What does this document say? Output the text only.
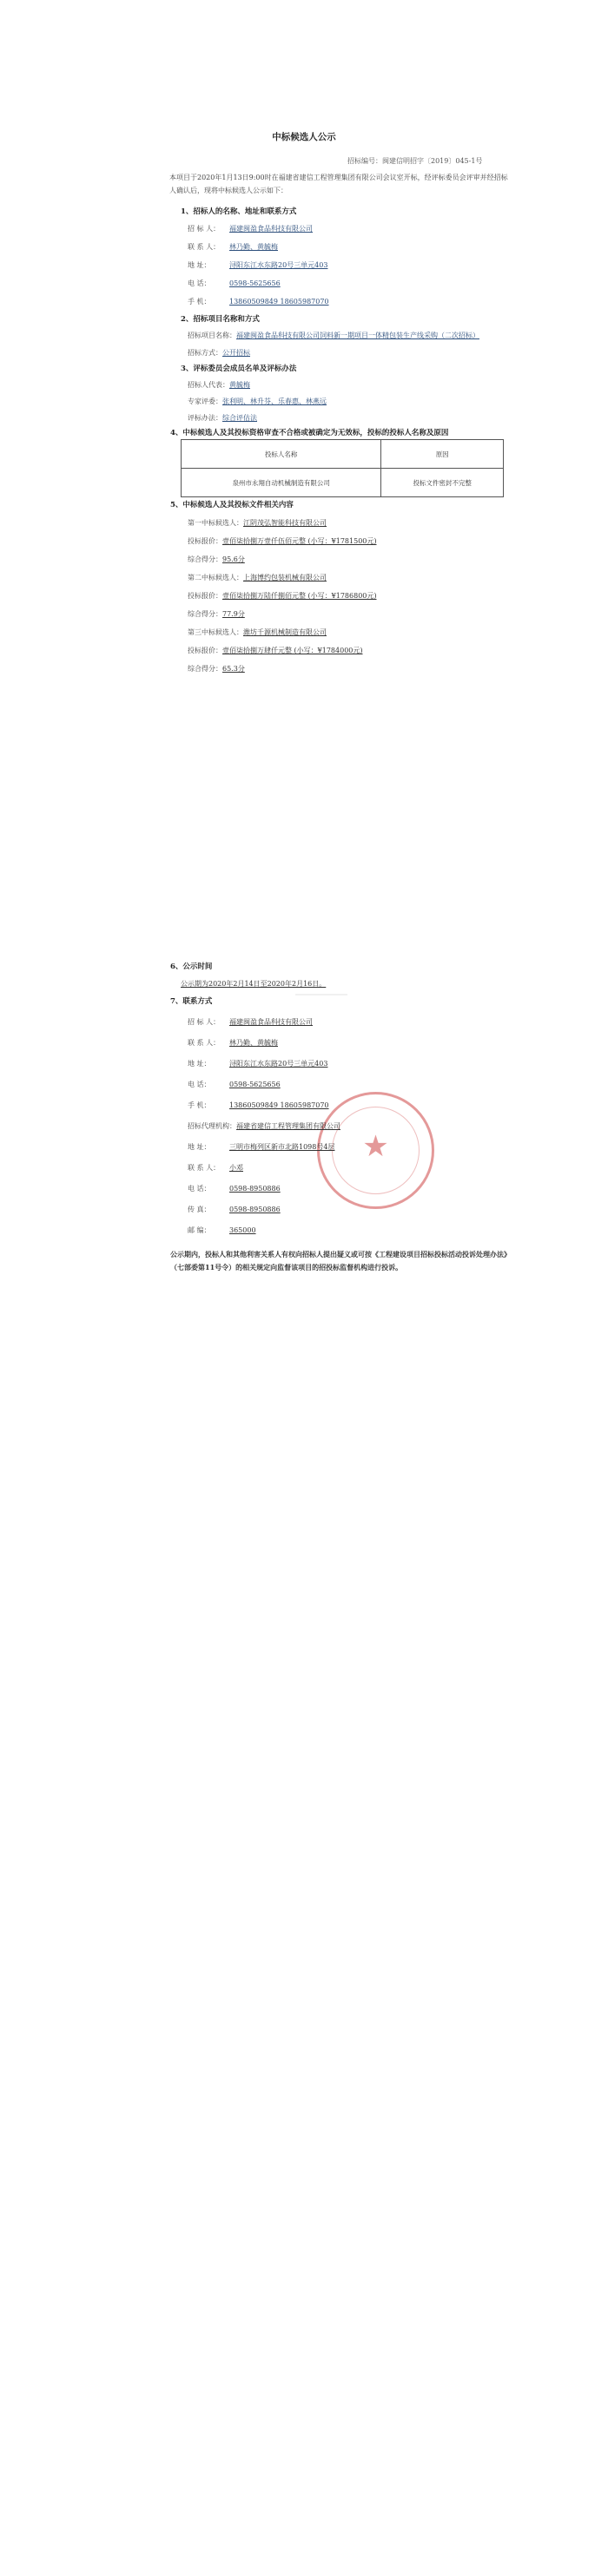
中标候选人公示
招标编号：闽建信明招字〔2019〕045-1号
本项目于2020年1月13日9:00时在福建省建信工程管理集团有限公司会议室开标，经评标委员会评审并经招标人确认后，现将中标候选人公示如下：
1、招标人的名称、地址和联系方式
招 标 人： 福建闽盈食品科技有限公司
联 系 人： 林乃勤、黄毓梅
地 址：	浔阳东江水东路20号三单元403
电 话：	0598-5625656
手 机：	13860509849 18605987070
2、招标项目名称和方式
招标项目名称：福建闽盈食品科技有限公司饲料新一期项目一体精包装生产线采购（二次招标）
招标方式：公开招标
3、评标委员会成员名单及评标办法
招标人代表：黄毓梅
专家评委：张利明、林升芬、乐春惠、林燕远
评标办法：综合评估法
4、中标候选人及其投标资格审查不合格或被确定为无效标，投标的投标人名称及原因
投标人名称	原因
泉州市永翔自动机械制造有限公司	投标文件密封不完整
5、中标候选人及其投标文件相关内容
第一中标候选人：江阴茂弘智能科技有限公司
投标报价：壹佰柒拾捌万壹仟伍佰元整 (小写：¥1781500元)
综合得分：95.6分
第二中标候选人：上海博约包装机械有限公司
投标报价：壹佰柒拾捌万陆仟捌佰元整 (小写：¥1786800元)
综合得分：77.9分
第三中标候选人：潍坊千源机械制造有限公司
投标报价：壹佰柒拾捌万肆仟元整 (小写：¥1784000元)
综合得分：65.3分
6、公示时间
公示期为2020年2月14日至2020年2月16日。
7、联系方式
★
招 标 人： 福建闽盈食品科技有限公司
联 系 人： 林乃勤、黄毓梅
地 址：	浔阳东江水东路20号三单元403
电 话：	0598-5625656
手 机：	13860509849 18605987070
招标代理机构：福建省建信工程管理集团有限公司
地 址：	三明市梅列区新市北路1098号4层
联 系 人： 小邓
电 话：	0598-8950886
传 真：	0598-8950886
邮 编：	365000
公示期内，投标人和其他利害关系人有权向招标人提出疑义或可按《工程建设项目招标投标活动投诉处理办法》（七部委第11号令）的相关规定向监督该项目的招投标监督机构进行投诉。
